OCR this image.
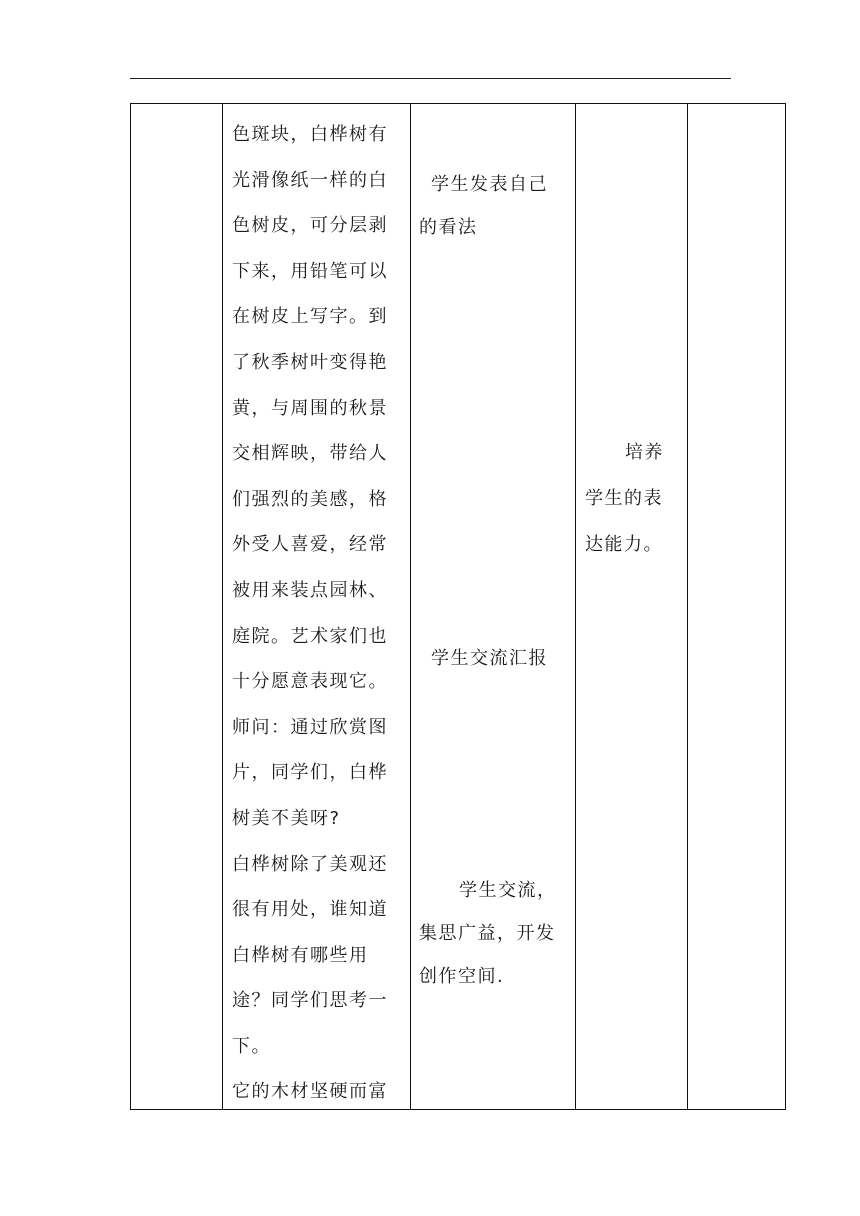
色斑块，白桦树有
光滑像纸一样的白
色树皮，可分层剥
下来，用铅笔可以
在树皮上写字。到
了秋季树叶变得艳
黄，与周围的秋景
交相辉映，带给人
们强烈的美感，格
外受人喜爱，经常
被用来装点园林、
庭院。艺术家们也
十分愿意表现它。
师问：通过欣赏图
片，同学们，白桦
树美不美呀?
白桦树除了美观还
很有用处，谁知道
白桦树有哪些用
途？同学们思考一
下。
它的木材坚硬而富

学生发表自己
的看法
学生交流汇报
学生交流，
集思广益，开发
创作空间.

培养
学生的表
达能力。
